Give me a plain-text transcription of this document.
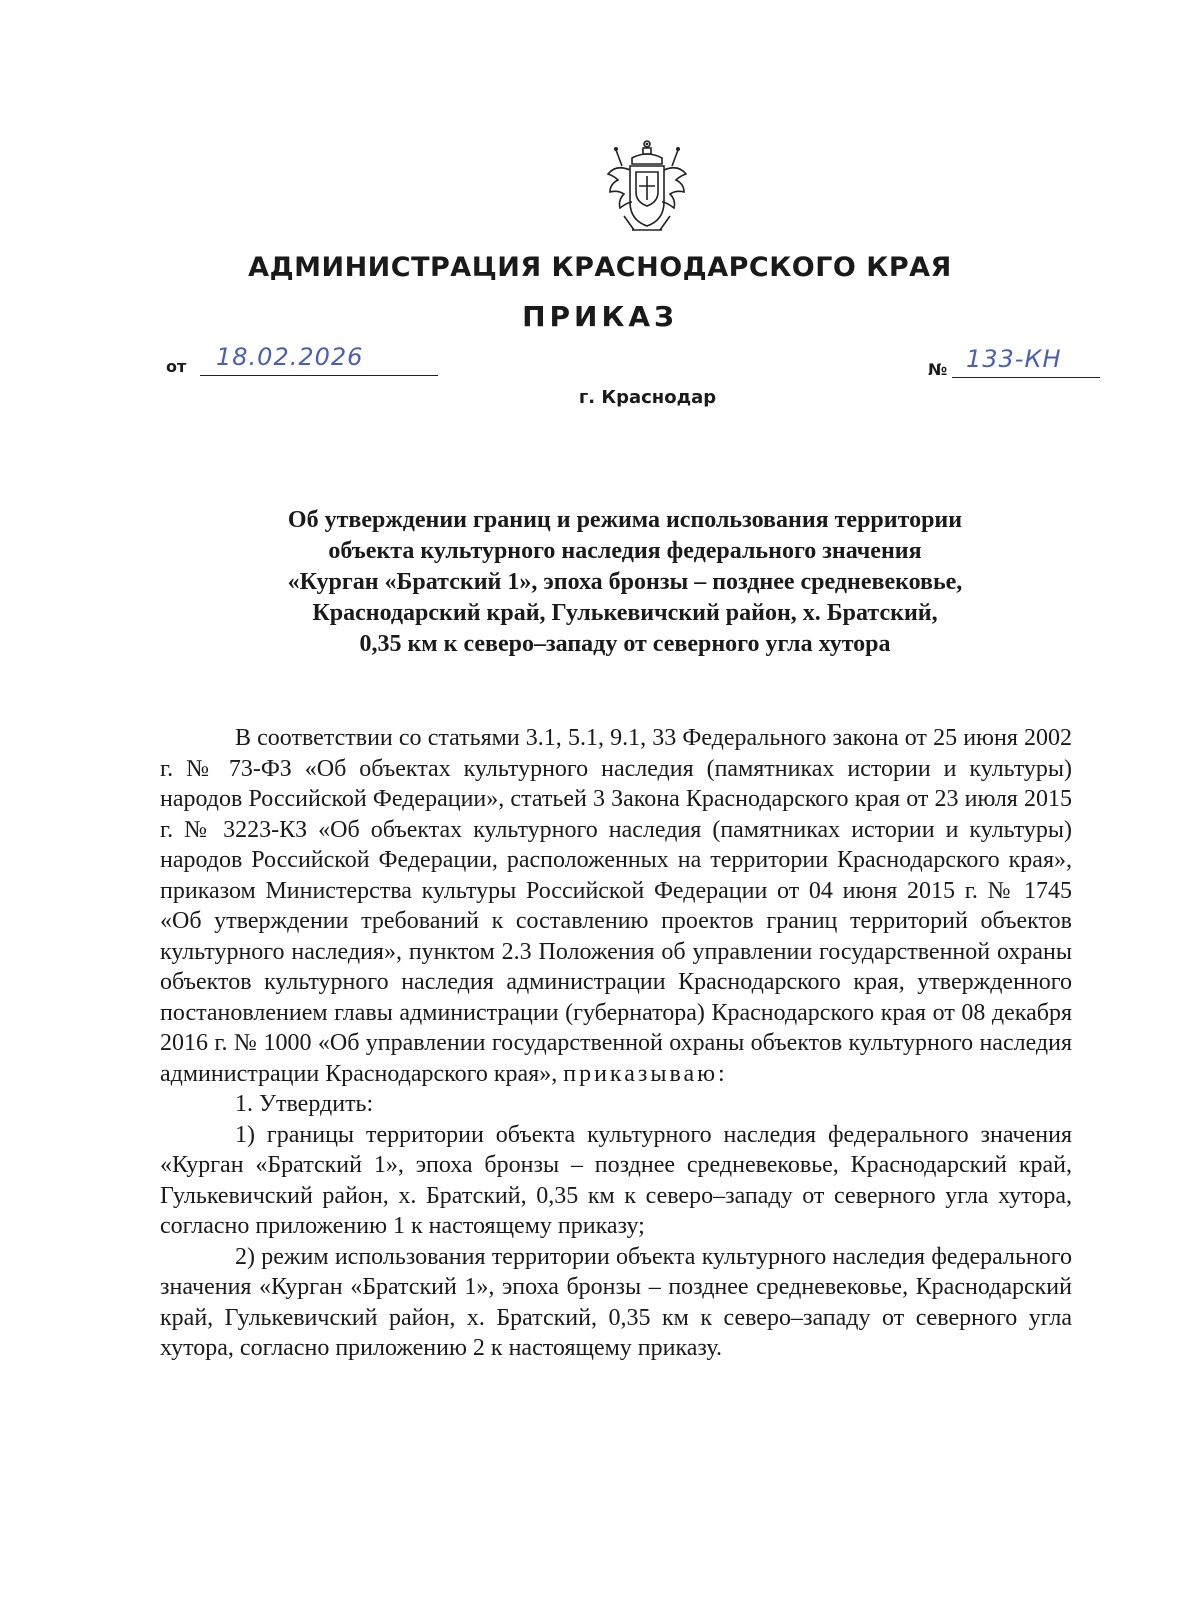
АДМИНИСТРАЦИЯ КРАСНОДАРСКОГО КРАЯ
ПРИКАЗ
от 18.02.2026	№ 133-КН
г. Краснодар
Об утверждении границ и режима использования территории
объекта культурного наследия федерального значения
«Курган «Братский 1», эпоха бронзы – позднее средневековье,
Краснодарский край, Гулькевичский район, х. Братский,
0,35 км к северо–западу от северного угла хутора

В соответствии со статьями 3.1, 5.1, 9.1, 33 Федерального закона от 25 июня 2002 г. № 73-ФЗ «Об объектах культурного наследия (памятниках истории и культуры) народов Российской Федерации», статьей 3 Закона Краснодарского края от 23 июля 2015 г. № 3223-КЗ «Об объектах культурного наследия (памятниках истории и культуры) народов Российской Федерации, расположенных на территории Краснодарского края», приказом Министерства культуры Российской Федерации от 04 июня 2015 г. № 1745 «Об утверждении требований к составлению проектов границ территорий объектов культурного наследия», пунктом 2.3 Положения об управлении государственной охраны объектов культурного наследия администрации Краснодарского края, утвержденного постановлением главы администрации (губернатора) Краснодарского края от 08 декабря 2016 г. № 1000 «Об управлении государственной охраны объектов культурного наследия администрации Краснодарского края», приказываю:

1. Утвердить:

1) границы территории объекта культурного наследия федерального значения «Курган «Братский 1», эпоха бронзы – позднее средневековье, Краснодарский край, Гулькевичский район, х. Братский, 0,35 км к северо–западу от северного угла хутора, согласно приложению 1 к настоящему приказу;

2) режим использования территории объекта культурного наследия федерального значения «Курган «Братский 1», эпоха бронзы – позднее средневековье, Краснодарский край, Гулькевичский район, х. Братский, 0,35 км к северо–западу от северного угла хутора, согласно приложению 2 к настоящему приказу.
